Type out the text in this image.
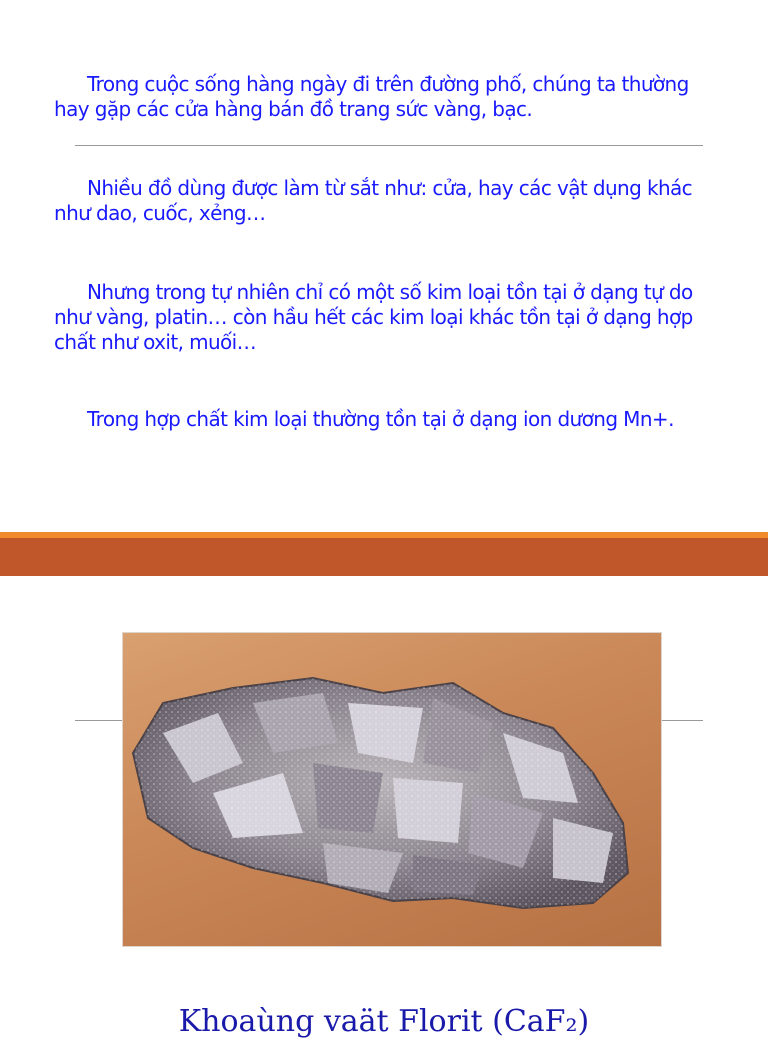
Trong cuộc sống hàng ngày đi trên đường phố, chúng ta thường hay gặp các cửa hàng bán đồ trang sức vàng, bạc.

Nhiều đồ dùng được làm từ sắt như: cửa, hay các vật dụng khác như dao, cuốc, xẻng…

Nhưng trong tự nhiên chỉ có một số kim loại tồn tại ở dạng tự do như vàng, platin… còn hầu hết các kim loại khác tồn tại ở dạng hợp chất như oxit, muối…

Trong hợp chất kim loại thường tồn tại ở dạng ion dương Mn+.

Khoaùng vaät Florit (CaF₂)
